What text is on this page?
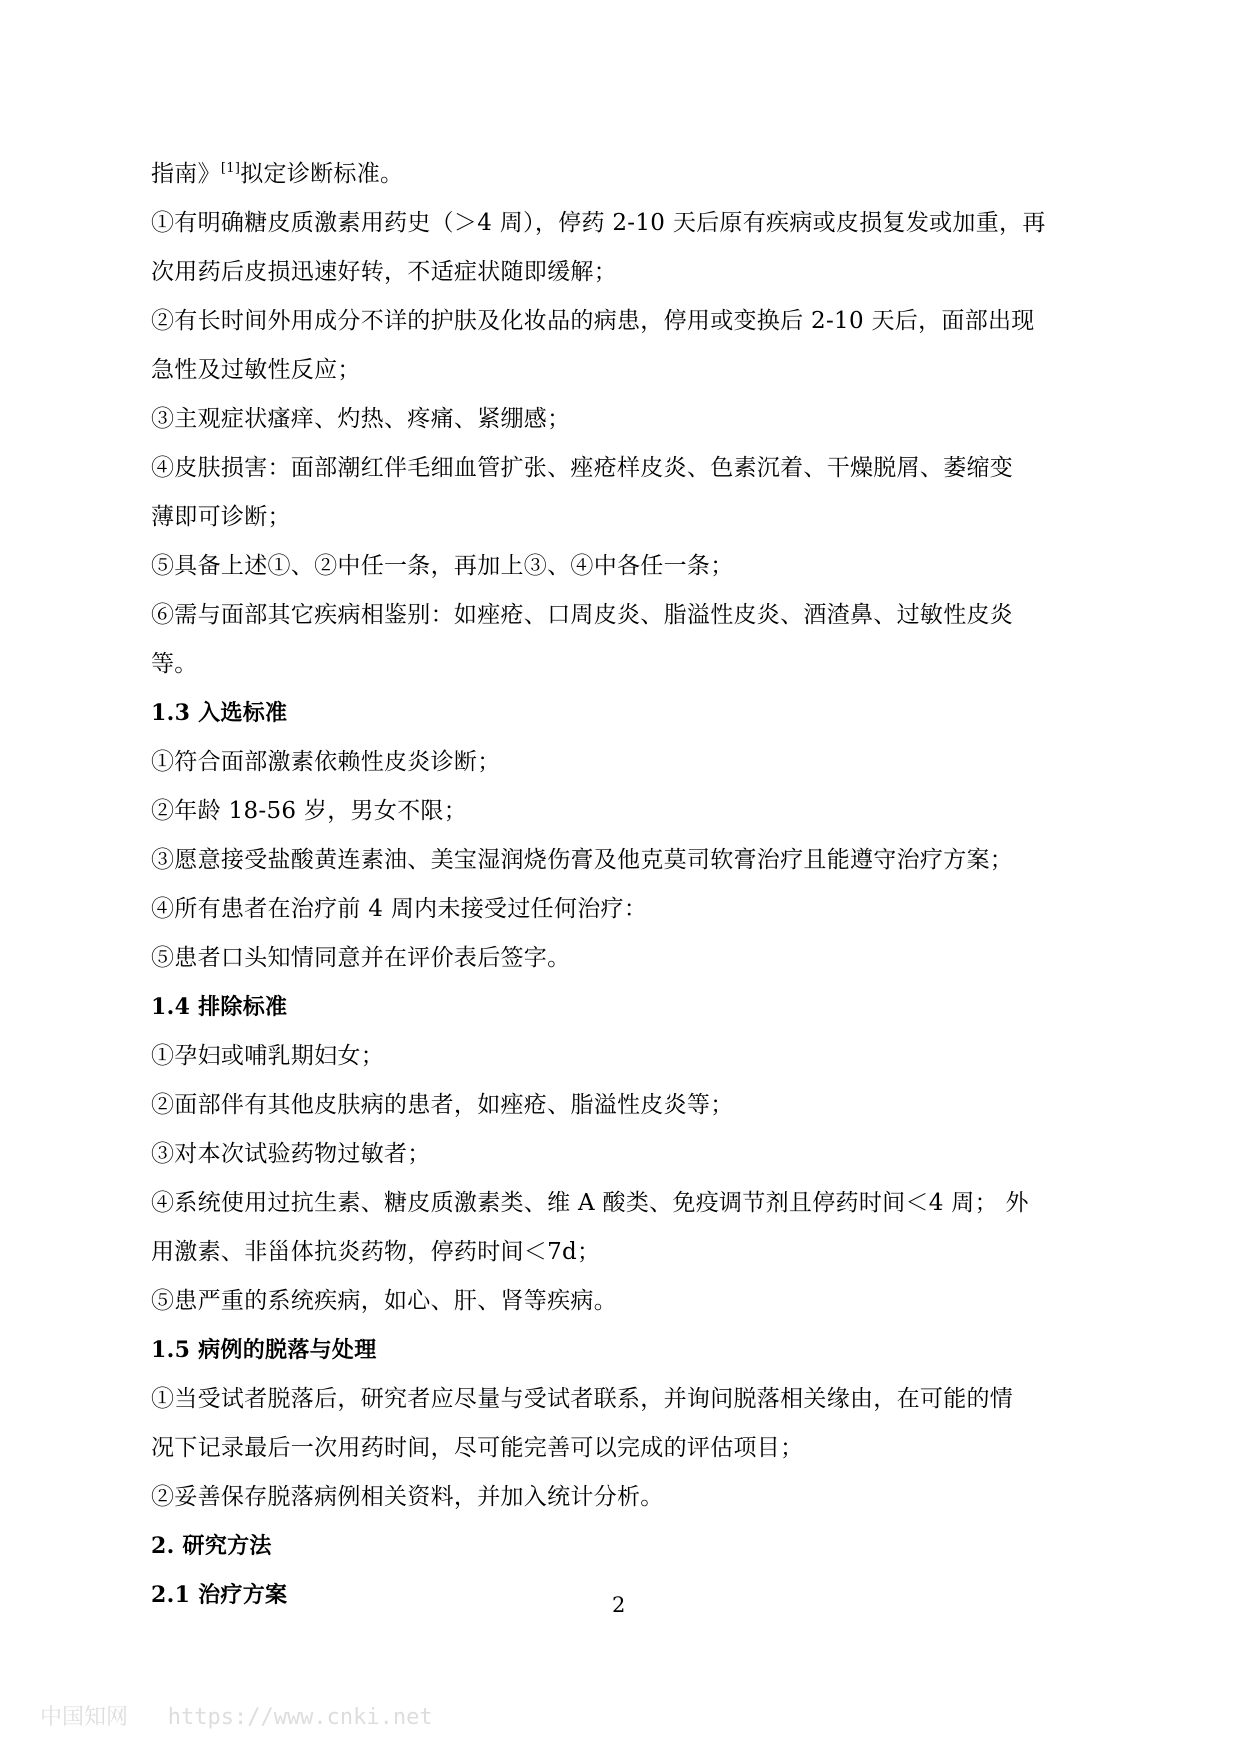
指南》[1]拟定诊断标准。
①有明确糖皮质激素用药史（＞4 周），停药 2-10 天后原有疾病或皮损复发或加重，再
次用药后皮损迅速好转，不适症状随即缓解；
②有长时间外用成分不详的护肤及化妆品的病患，停用或变换后 2-10 天后，面部出现
急性及过敏性反应；
③主观症状瘙痒、灼热、疼痛、紧绷感；
④皮肤损害：面部潮红伴毛细血管扩张、痤疮样皮炎、色素沉着、干燥脱屑、萎缩变
薄即可诊断；
⑤具备上述①、②中任一条，再加上③、④中各任一条；
⑥需与面部其它疾病相鉴别：如痤疮、口周皮炎、脂溢性皮炎、酒渣鼻、过敏性皮炎
等。
1.3 入选标准
①符合面部激素依赖性皮炎诊断；
②年龄 18-56 岁，男女不限；
③愿意接受盐酸黄连素油、美宝湿润烧伤膏及他克莫司软膏治疗且能遵守治疗方案；
④所有患者在治疗前 4 周内未接受过任何治疗：
⑤患者口头知情同意并在评价表后签字。
1.4 排除标准
①孕妇或哺乳期妇女；
②面部伴有其他皮肤病的患者，如痤疮、脂溢性皮炎等；
③对本次试验药物过敏者；
④系统使用过抗生素、糖皮质激素类、维 A 酸类、免疫调节剂且停药时间＜4 周； 外
用激素、非甾体抗炎药物，停药时间＜7d；
⑤患严重的系统疾病，如心、肝、肾等疾病。
1.5 病例的脱落与处理
①当受试者脱落后，研究者应尽量与受试者联系，并询问脱落相关缘由，在可能的情
况下记录最后一次用药时间，尽可能完善可以完成的评估项目；
②妥善保存脱落病例相关资料，并加入统计分析。
2. 研究方法
2.1 治疗方案	2
中国知网   https://www.cnki.net
